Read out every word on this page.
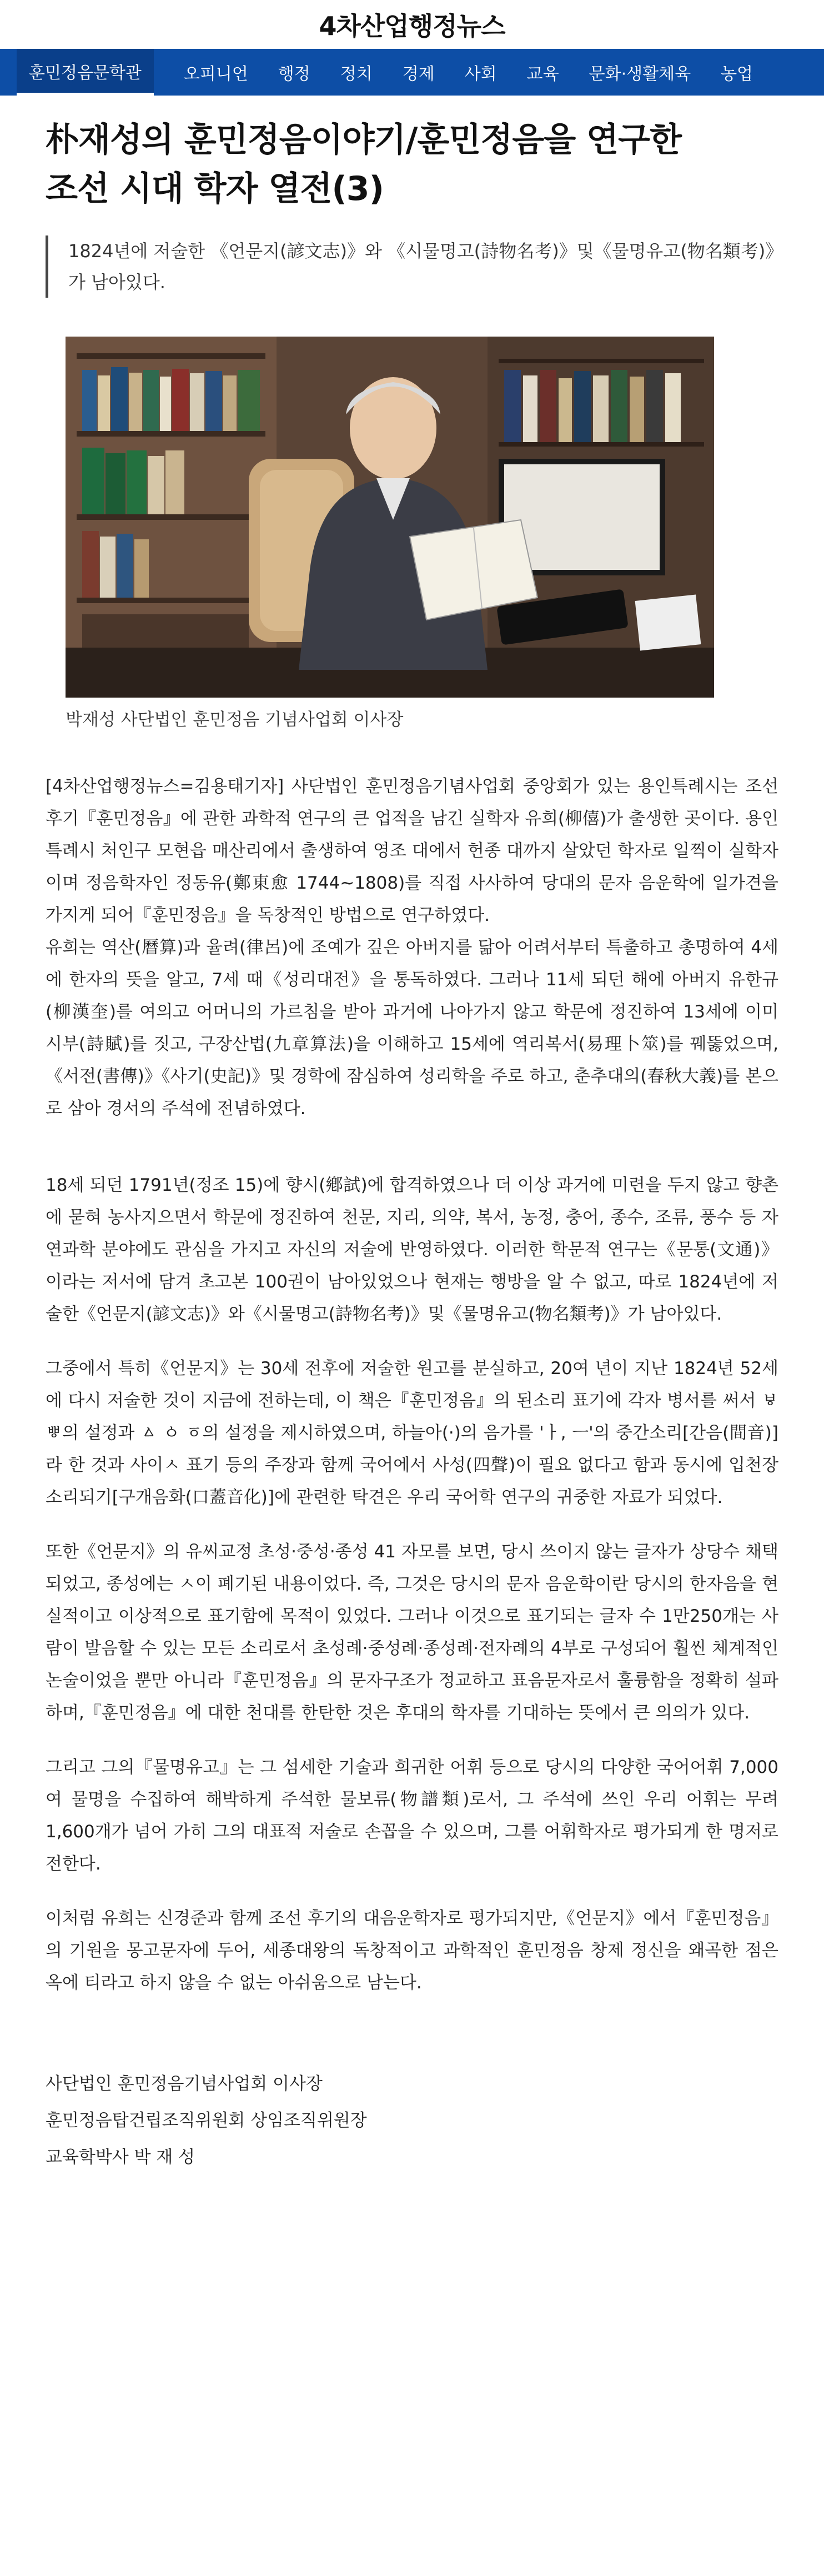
4차산업행정뉴스
훈민정음문학관	오피니언 행정 정치 경제 사회 교육 문화·생활체육 농업
朴재성의 훈민정음이야기/훈민정음을 연구한
조선 시대 학자 열전(3)

1824년에 저술한 《언문지(諺文志)》와 《시물명고(詩物名考)》및《물명유고(物名類考)》가 남아있다.

박재성 사단법인 훈민정음 기념사업회 이사장

[4차산업행정뉴스=김용태기자] 사단법인 훈민정음기념사업회 중앙회가 있는 용인특례시는 조선 후기『훈민정음』에 관한 과학적 연구의 큰 업적을 남긴 실학자 유희(柳僖)가 출생한 곳이다. 용인특례시 처인구 모현읍 매산리에서 출생하여 영조 대에서 헌종 대까지 살았던 학자로 일찍이 실학자이며 정음학자인 정동유(鄭東愈 1744~1808)를 직접 사사하여 당대의 문자 음운학에 일가견을 가지게 되어『훈민정음』을 독창적인 방법으로 연구하였다.

유희는 역산(曆算)과 율려(律呂)에 조예가 깊은 아버지를 닮아 어려서부터 특출하고 총명하여 4세에 한자의 뜻을 알고, 7세 때《성리대전》을 통독하였다. 그러나 11세 되던 해에 아버지 유한규(柳漢奎)를 여의고 어머니의 가르침을 받아 과거에 나아가지 않고 학문에 정진하여 13세에 이미 시부(詩賦)를 짓고, 구장산법(九章算法)을 이해하고 15세에 역리복서(易理卜筮)를 꿰뚫었으며,《서전(書傳)》《사기(史記)》및 경학에 잠심하여 성리학을 주로 하고, 춘추대의(春秋大義)를 본으로 삼아 경서의 주석에 전념하였다.

18세 되던 1791년(정조 15)에 향시(鄕試)에 합격하였으나 더 이상 과거에 미련을 두지 않고 향촌에 묻혀 농사지으면서 학문에 정진하여 천문, 지리, 의약, 복서, 농정, 충어, 종수, 조류, 풍수 등 자연과학 분야에도 관심을 가지고 자신의 저술에 반영하였다. 이러한 학문적 연구는《문통(文通)》이라는 저서에 담겨 초고본 100권이 남아있었으나 현재는 행방을 알 수 없고, 따로 1824년에 저술한《언문지(諺文志)》와《시물명고(詩物名考)》및《물명유고(物名類考)》가 남아있다.

그중에서 특히《언문지》는 30세 전후에 저술한 원고를 분실하고, 20여 년이 지난 1824년 52세에 다시 저술한 것이 지금에 전하는데, 이 책은『훈민정음』의 된소리 표기에 각자 병서를 써서 ㅸ ㅹ의 설정과 ㅿ ㆁ ㆆ의 설정을 제시하였으며, 하늘아(·)의 음가를 'ㅏ, ㅡ'의 중간소리[간음(間音)]라 한 것과 사이ㅅ 표기 등의 주장과 함께 국어에서 사성(四聲)이 필요 없다고 함과 동시에 입천장 소리되기[구개음화(口蓋音化)]에 관련한 탁견은 우리 국어학 연구의 귀중한 자료가 되었다.

또한《언문지》의 유씨교정 초성·중성·종성 41 자모를 보면, 당시 쓰이지 않는 글자가 상당수 채택되었고, 종성에는 ㅅ이 폐기된 내용이었다. 즉, 그것은 당시의 문자 음운학이란 당시의 한자음을 현실적이고 이상적으로 표기함에 목적이 있었다. 그러나 이것으로 표기되는 글자 수 1만250개는 사람이 발음할 수 있는 모든 소리로서 초성례·중성례·종성례·전자례의 4부로 구성되어 훨씬 체계적인 논술이었을 뿐만 아니라『훈민정음』의 문자구조가 정교하고 표음문자로서 훌륭함을 정확히 설파하며,『훈민정음』에 대한 천대를 한탄한 것은 후대의 학자를 기대하는 뜻에서 큰 의의가 있다.

그리고 그의『물명유고』는 그 섬세한 기술과 희귀한 어휘 등으로 당시의 다양한 국어어휘 7,000여 물명을 수집하여 해박하게 주석한 물보류(物譜類)로서, 그 주석에 쓰인 우리 어휘는 무려 1,600개가 넘어 가히 그의 대표적 저술로 손꼽을 수 있으며, 그를 어휘학자로 평가되게 한 명저로 전한다.

이처럼 유희는 신경준과 함께 조선 후기의 대음운학자로 평가되지만,《언문지》에서『훈민정음』의 기원을 몽고문자에 두어, 세종대왕의 독창적이고 과학적인 훈민정음 창제 정신을 왜곡한 점은 옥에 티라고 하지 않을 수 없는 아쉬움으로 남는다.

사단법인 훈민정음기념사업회 이사장
훈민정음탑건립조직위원회 상임조직위원장
교육학박사 박 재 성
